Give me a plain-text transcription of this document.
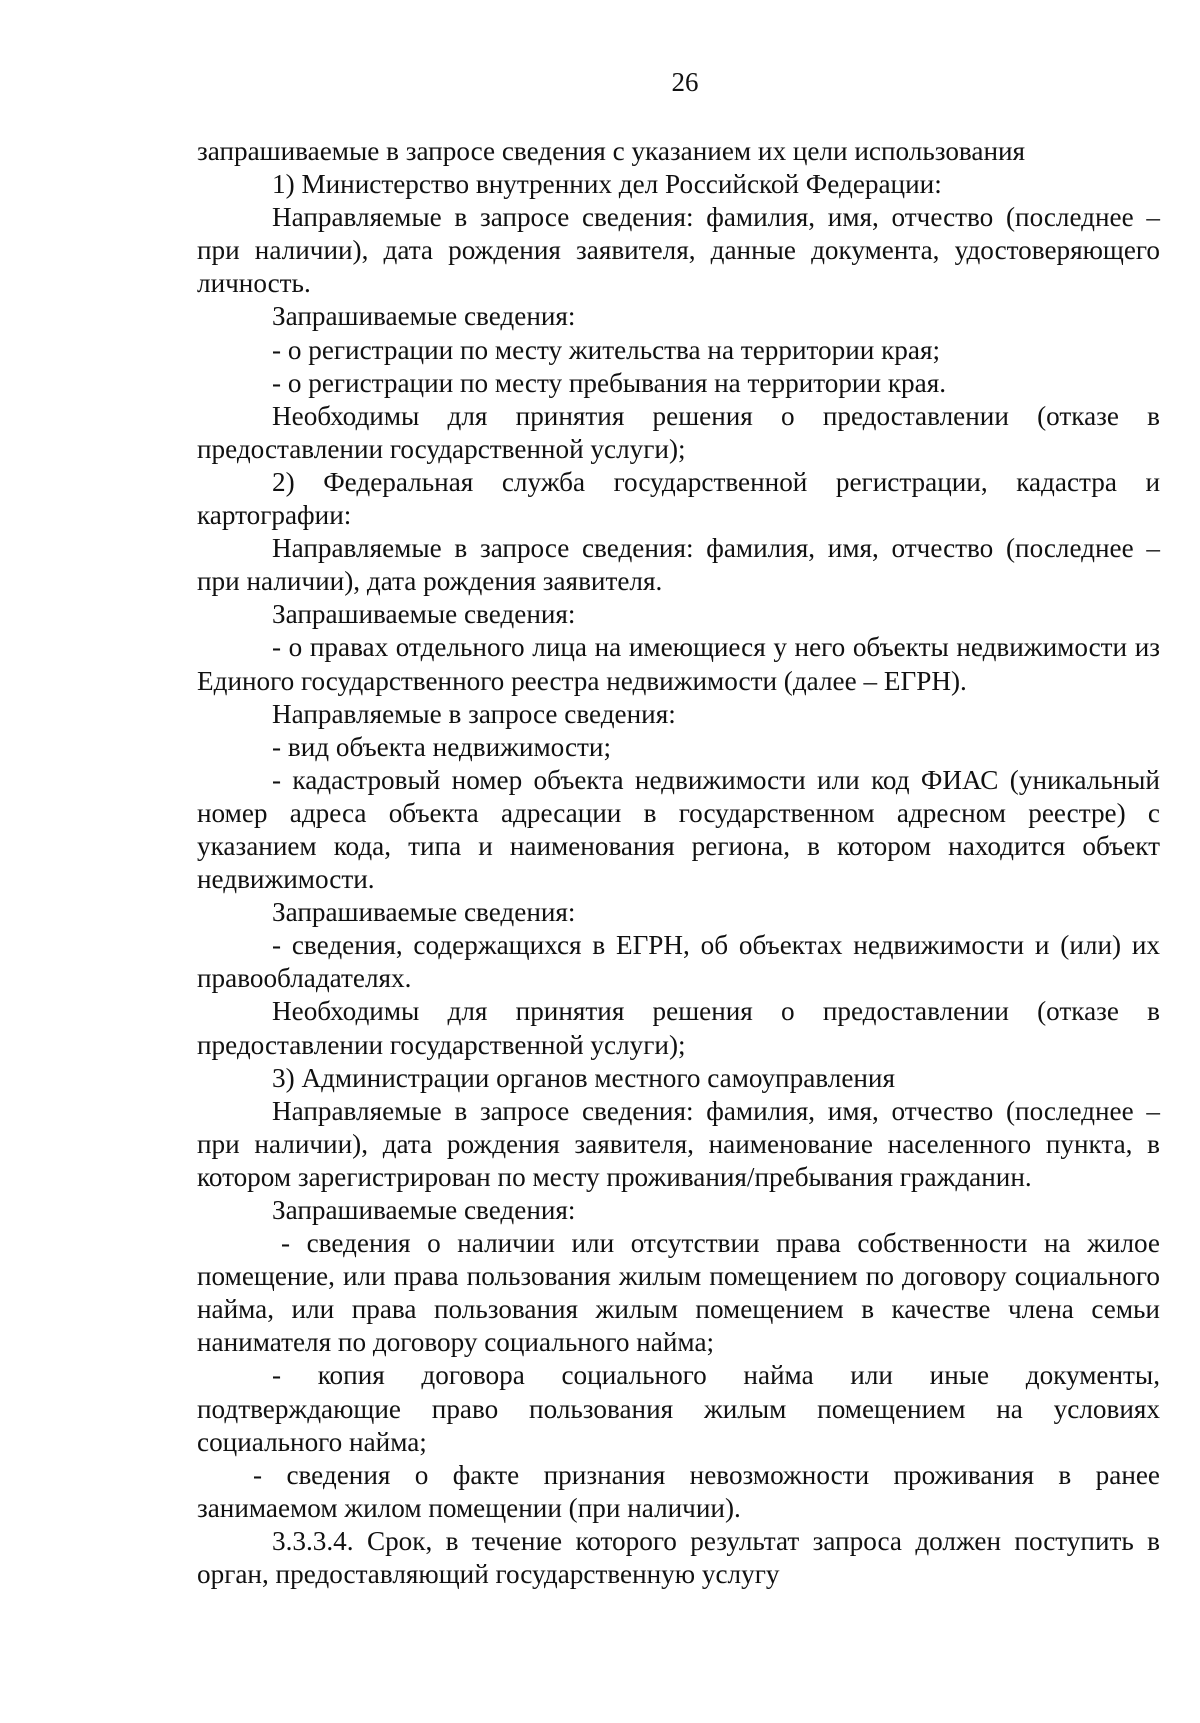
26

запрашиваемые в запросе сведения с указанием их цели использования

1) Министерство внутренних дел Российской Федерации:

Направляемые в запросе сведения: фамилия, имя, отчество (последнее – при наличии), дата рождения заявителя, данные документа, удостоверяющего личность.

Запрашиваемые сведения:

- о регистрации по месту жительства на территории края;

- о регистрации по месту пребывания на территории края.

Необходимы для принятия решения о предоставлении (отказе в предоставлении государственной услуги);

2) Федеральная служба государственной регистрации, кадастра и картографии:

Направляемые в запросе сведения: фамилия, имя, отчество (последнее – при наличии), дата рождения заявителя.

Запрашиваемые сведения:

- о правах отдельного лица на имеющиеся у него объекты недвижимости из Единого государственного реестра недвижимости (далее – ЕГРН).

Направляемые в запросе сведения:

- вид объекта недвижимости;

- кадастровый номер объекта недвижимости или код ФИАС (уникальный номер адреса объекта адресации в государственном адресном реестре) с указанием кода, типа и наименования региона, в котором находится объект недвижимости.

Запрашиваемые сведения:

- сведения, содержащихся в ЕГРН, об объектах недвижимости и (или) их правообладателях.

Необходимы для принятия решения о предоставлении (отказе в предоставлении государственной услуги);

3) Администрации органов местного самоуправления

Направляемые в запросе сведения: фамилия, имя, отчество (последнее – при наличии), дата рождения заявителя, наименование населенного пункта, в котором зарегистрирован по месту проживания/пребывания гражданин.

Запрашиваемые сведения:

- сведения о наличии или отсутствии права собственности на жилое помещение, или права пользования жилым помещением по договору социального найма, или права пользования жилым помещением в качестве члена семьи нанимателя по договору социального найма;

- копия договора социального найма или иные документы, подтверждающие право пользования жилым помещением на условиях социального найма;

- сведения о факте признания невозможности проживания в ранее занимаемом жилом помещении (при наличии).

3.3.3.4. Срок, в течение которого результат запроса должен поступить в орган, предоставляющий государственную услугу
